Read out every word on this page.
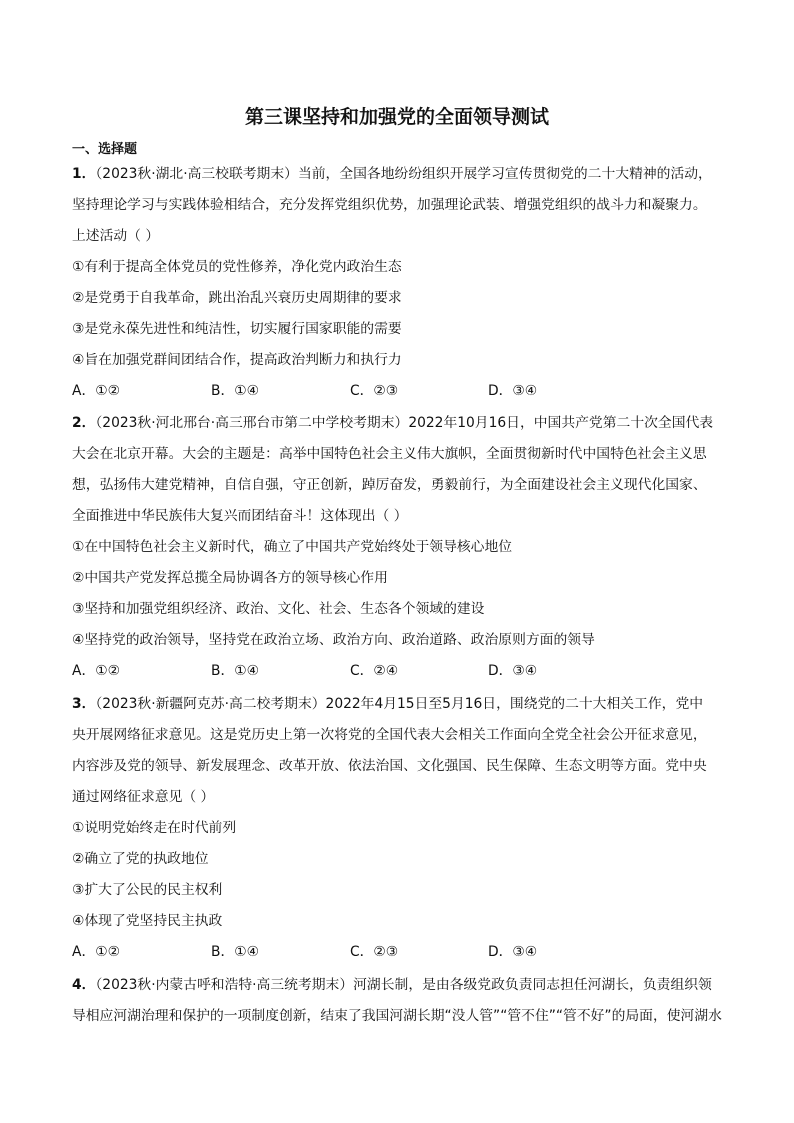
第三课坚持和加强党的全面领导测试
一、选择题
1．（2023秋·湖北·高三校联考期末）当前，全国各地纷纷组织开展学习宣传贯彻党的二十大精神的活动，
坚持理论学习与实践体验相结合，充分发挥党组织优势，加强理论武装、增强党组织的战斗力和凝聚力。
上述活动（ ）
①有利于提高全体党员的党性修养，净化党内政治生态
②是党勇于自我革命，跳出治乱兴衰历史周期律的要求
③是党永葆先进性和纯洁性，切实履行国家职能的需要
④旨在加强党群间团结合作，提高政治判断力和执行力
A．①②	B．①④	C．②③	D．③④
2．（2023秋·河北邢台·高三邢台市第二中学校考期末）2022年10月16日，中国共产党第二十次全国代表
大会在北京开幕。大会的主题是：高举中国特色社会主义伟大旗帜，全面贯彻新时代中国特色社会主义思
想，弘扬伟大建党精神，自信自强，守正创新，踔厉奋发，勇毅前行，为全面建设社会主义现代化国家、
全面推进中华民族伟大复兴而团结奋斗！这体现出（ ）
①在中国特色社会主义新时代，确立了中国共产党始终处于领导核心地位
②中国共产党发挥总揽全局协调各方的领导核心作用
③坚持和加强党组织经济、政治、文化、社会、生态各个领域的建设
④坚持党的政治领导，坚持党在政治立场、政治方向、政治道路、政治原则方面的领导
A．①②	B．①④	C．②④	D．③④
3．（2023秋·新疆阿克苏·高二校考期末）2022年4月15日至5月16日，围绕党的二十大相关工作，党中
央开展网络征求意见。这是党历史上第一次将党的全国代表大会相关工作面向全党全社会公开征求意见，
内容涉及党的领导、新发展理念、改革开放、依法治国、文化强国、民生保障、生态文明等方面。党中央
通过网络征求意见（ ）
①说明党始终走在时代前列
②确立了党的执政地位
③扩大了公民的民主权利
④体现了党坚持民主执政
A．①②	B．①④	C．②③	D．③④
4．（2023秋·内蒙古呼和浩特·高三统考期末）河湖长制，是由各级党政负责同志担任河湖长，负责组织领
导相应河湖治理和保护的一项制度创新，结束了我国河湖长期“没人管”“管不住”“管不好”的局面，使河湖水
